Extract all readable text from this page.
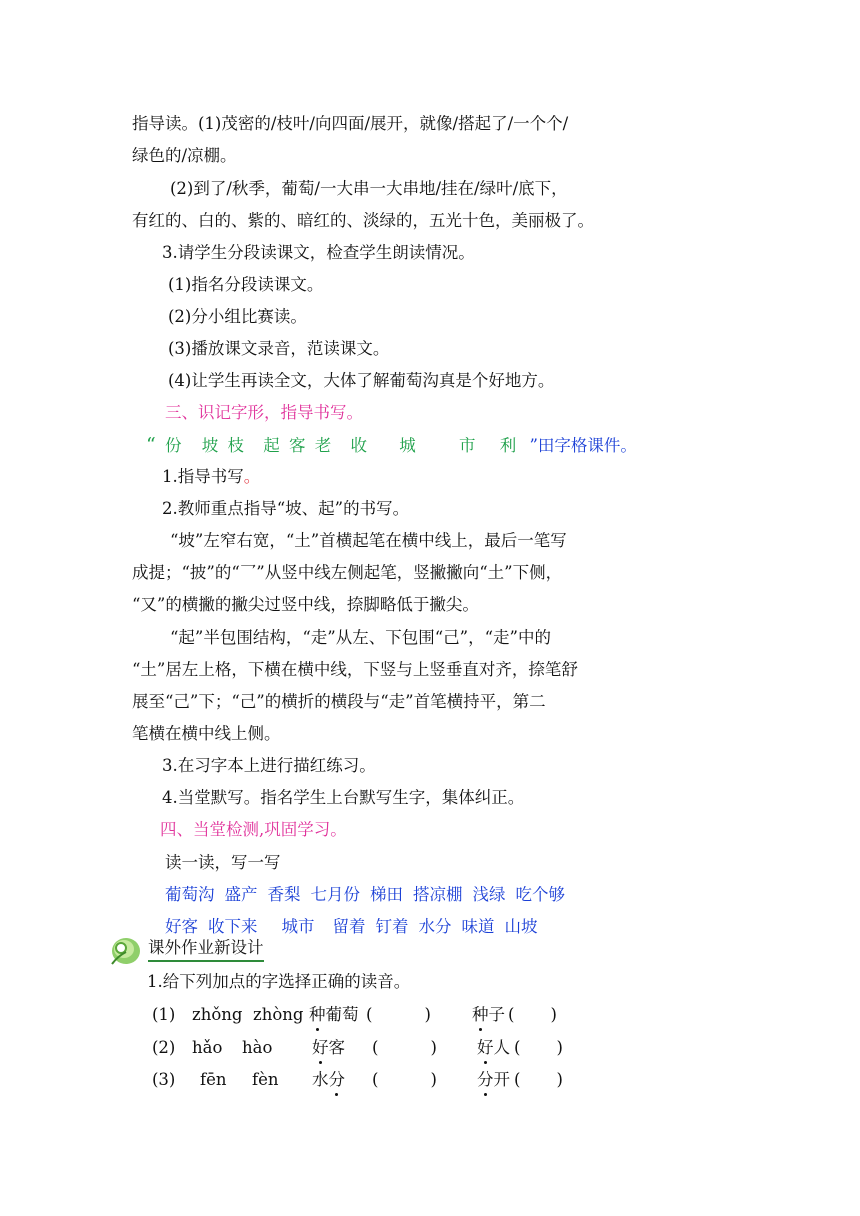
指导读。(1)茂密的/枝叶/向四面/展开，就像/搭起了/一个个/
绿色的/凉棚。
(2)到了/秋季，葡萄/一大串一大串地/挂在/绿叶/底下，
有红的、白的、紫的、暗红的、淡绿的，五光十色，美丽极了。
3.请学生分段读课文，检查学生朗读情况。
(1)指名分段读课文。
(2)分小组比赛读。
(3)播放课文录音，范读课文。
(4)让学生再读全文，大体了解葡萄沟真是个好地方。
三、识记字形，指导书写。
“ 份 坡 枝 起 客 老 收 城	市 利 ”田字格课件。
1.指导书写。
2.教师重点指导“坡、起”的书写。
“坡”左窄右宽，“土”首横起笔在横中线上，最后一笔写
成提；“披”的“乛”从竖中线左侧起笔，竖撇撇向“土”下侧，
“又”的横撇的撇尖过竖中线，捺脚略低于撇尖。
“起”半包围结构，“走”从左、下包围“己”，“走”中的
“土”居左上格，下横在横中线，下竖与上竖垂直对齐，捺笔舒
展至“己”下；“己”的横折的横段与“走”首笔横持平，第二
笔横在横中线上侧。
3.在习字本上进行描红练习。
4.当堂默写。指名学生上台默写生字，集体纠正。
四、当堂检测,巩固学习。
读一读，写一写
葡萄沟 盛产 香梨 七月份 梯田 搭凉棚 浅绿 吃个够
好客 收下来 城市 留着 钉着 水分 味道 山坡
课外作业新设计
1.给下列加点的字选择正确的读音。
(1) zhǒng zhòng 种葡萄 (	) 种子 ( )
(2) hǎo hào 好客 (	) 好人 ( )
(3) fēn fèn 水分 (	) 分开 ( )
